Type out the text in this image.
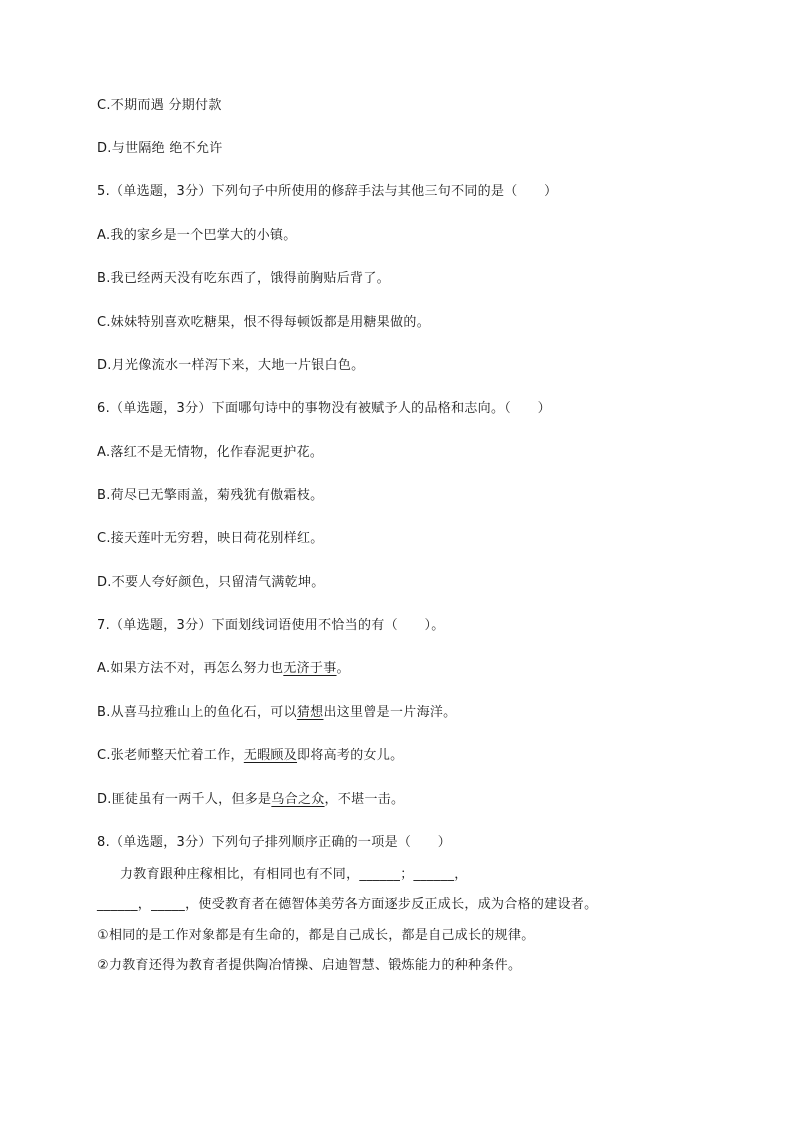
C.不期而遇 分期付款
D.与世隔绝 绝不允许
5.（单选题，3分）下列句子中所使用的修辞手法与其他三句不同的是（　　）
A.我的家乡是一个巴掌大的小镇。
B.我已经两天没有吃东西了，饿得前胸贴后背了。
C.妹妹特别喜欢吃糖果，恨不得每顿饭都是用糖果做的。
D.月光像流水一样泻下来，大地一片银白色。
6.（单选题，3分）下面哪句诗中的事物没有被赋予人的品格和志向。（　　）
A.落红不是无情物，化作春泥更护花。
B.荷尽已无擎雨盖，菊残犹有傲霜枝。
C.接天莲叶无穷碧，映日荷花别样红。
D.不要人夸好颜色，只留清气满乾坤。
7.（单选题，3分）下面划线词语使用不恰当的有（　　）。
A.如果方法不对，再怎么努力也无济于事。
B.从喜马拉雅山上的鱼化石，可以猜想出这里曾是一片海洋。
C.张老师整天忙着工作，无暇顾及即将高考的女儿。
D.匪徒虽有一两千人，但多是乌合之众，不堪一击。
8.（单选题，3分）下列句子排列顺序正确的一项是（　　）
力教育跟种庄稼相比，有相同也有不同，______；______，
______，_____，使受教育者在德智体美劳各方面逐步反正成长，成为合格的建设者。
①相同的是工作对象都是有生命的，都是自己成长，都是自己成长的规律。
②力教育还得为教育者提供陶冶情操、启迪智慧、锻炼能力的种种条件。
